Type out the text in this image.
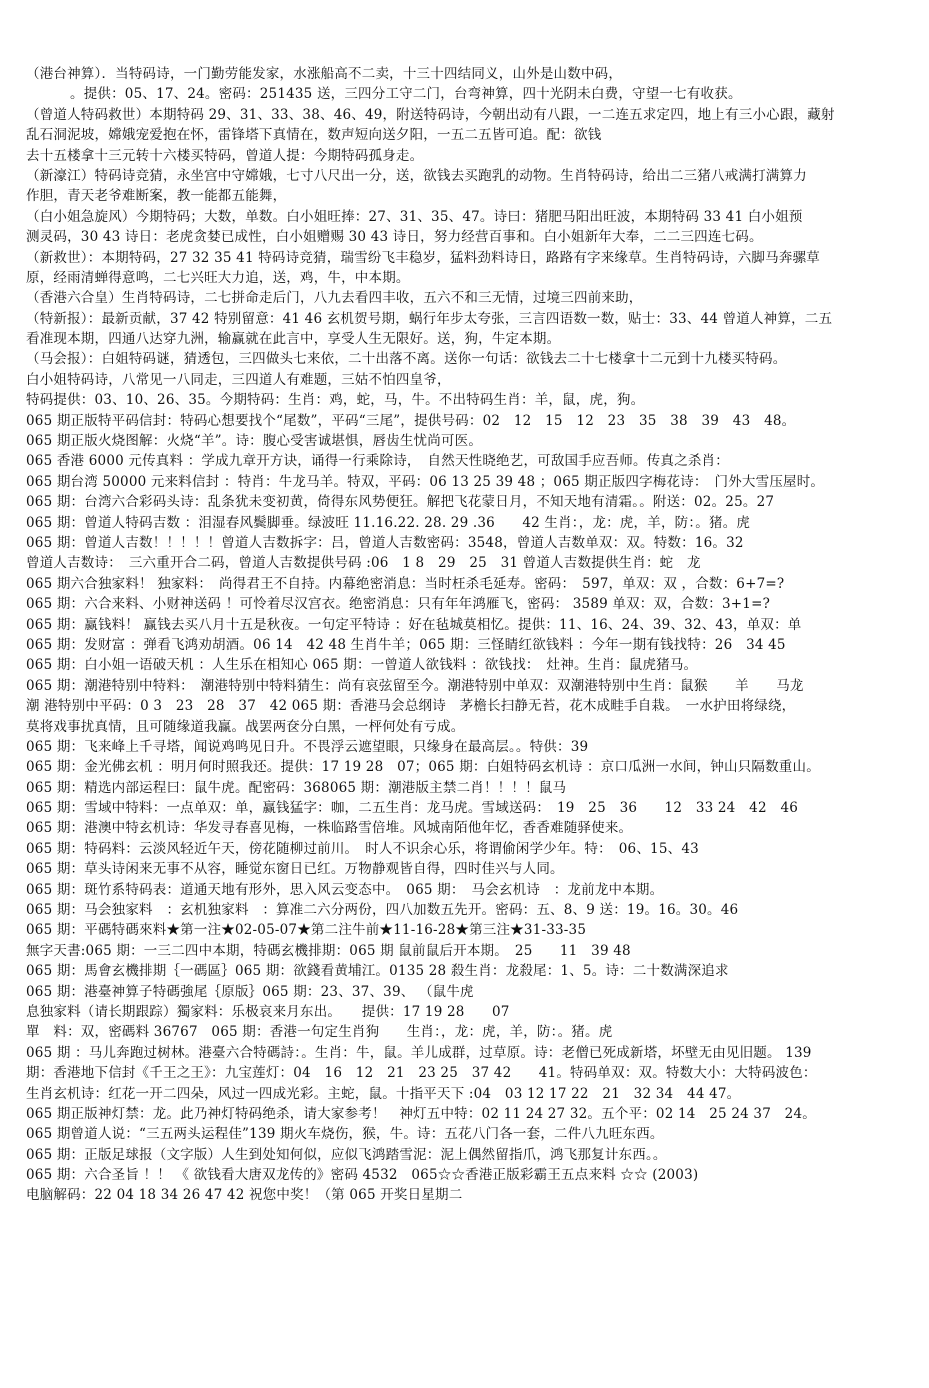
（港台神算）．当特码诗，一门勤劳能发家，水涨船高不二卖，十三十四结同义，山外是山数中码，
。提供：05、17、24。密码：251435 送，三四分工守二门，台弯神算，四十光阴未白费，守望一七有收获。
（曾道人特码救世）本期特码 29、31、33、38、46、49，附送特码诗，今朝出动有八跟，一二连五求定四，地上有三小心跟，藏射
乱石洞泥坡，嫦娥宠爱抱在怀，雷锋塔下真情在，数声短向送夕阳，一五二五皆可追。配：欲钱
去十五楼拿十三元转十六楼买特码，曾道人提：今期特码孤身走。
（新濠江）特码诗竞猜，永坐宫中守嫦娥，七寸八尺出一分，送，欲钱去买跑乳的动物。生肖特码诗，给出二三猪八戒满打满算力
作胆，青天老爷难断案，教一能都五能舞，
（白小姐急旋风）今期特码；大数，单数。白小姐旺捧：27、31、35、47。诗曰：猪肥马阳出旺波，本期特码 33 41 白小姐预
测灵码，30 43 诗日：老虎贪婪已成性，白小姐赠赐 30 43 诗日，努力经营百事和。白小姐新年大奉，二二三四连七码。
（新救世）：本期特码，27 32 35 41 特码诗竞猜，瑞雪纷飞丰稳岁，猛料劲料诗日，路路有字来缘草。生肖特码诗，六脚马奔骡草
原，经雨清蝉得意鸣，二七兴旺大力追，送，鸡，牛，中本期。
（香港六合皇）生肖特码诗，二七拼命走后门，八九去看四丰收，五六不和三无情，过境三四前来助，
（特新报）：最新贡献，37 42 特别留意：41 46 玄机贺号期，蜗行年步太夸张，三言四语数一数，贴士：33、44 曾道人神算，二五
看准现本期，四通八达穿九洲，输赢就在此言中，享受人生无限好。送，狗，牛定本期。
（马会报）：白姐特码谜，猜透包，三四做头七来依，二十出落不离。送你一句话：欲钱去二十七楼拿十二元到十九楼买特码。
白小姐特码诗，八常见一八同走，三四道人有难题，三姑不怕四皇爷，
特码提供：03、10、26、35。今期特码：生肖：鸡，蛇，马，牛。不出特码生肖：羊，鼠，虎，狗。
065 期正版特平码信封：特码心想要找个“尾数”，平码“三尾”，提供号码：02　12　15　12　23　35　38　39　43　48。
065 期正版火烧图解：火烧“羊”。诗：腹心受害诚堪惧，唇齿生忧尚可医。
065 香港 6000 元传真料 ：学成九章开方诀，诵得一行乘除诗，　自然天性晓绝艺，可敌国手应吾师。传真之杀肖：
065 期台湾 50000 元来料信封 ：特肖：牛龙马羊。特双，平码：06 13 25 39 48 ；065 期正版四字梅花诗：　门外大雪压屋时。
065 期：台湾六合彩码头诗：乱条犹未变初黄，倚得东风势便狂。解把飞花蒙日月，不知天地有清霜。。附送：02。25。27
065 期：曾道人特码吉数 ：泪湿春风鬓脚垂。绿波旺 11.16.22. 28. 29 .36　　42 生肖：，龙：虎，羊，防：。猪。虎
065 期：曾道人吉数！！！！！曾道人吉数拆字：吕，曾道人吉数密码：3548，曾道人吉数单双：双。特数：16。32
曾道人吉数诗：　三六重开合二码，曾道人吉数提供号码 :06　1 8　29　25　31 曾道人吉数提供生肖：蛇　龙
065 期六合独家料！ 独家料：　尚得君王不自持。内幕绝密消息：当时枉杀毛延寿。密码：　597，单双：双 ，合数：6+7=?
065 期：六合来料、小财神送码 ！可怜着尽汉宫衣。绝密消息：只有年年鸿雁飞，密码： 3589 单双：双，合数：3+1=?
065 期：赢钱料！ 赢钱去买八月十五是秋夜。一句定平特诗 ：好在毡城莫相忆。提供：11、16、24、39、32、43，单双：单
065 期：发财富 ：弹看飞鸿劝胡酒。06 14　42 48 生肖牛羊；065 期：三怪睛红欲钱料 ：今年一期有钱找特：26　34 45
065 期：白小姐一语破天机 ：人生乐在相知心 065 期：一曾道人欲钱料 ：欲钱找：　灶神。生肖：鼠虎猪马。
065 期：潮港特别中特料：　潮港特别中特料猜生：尚有哀弦留至今。潮港特别中单双：双潮港特别中生肖：鼠猴　　羊　　马龙
潮 港特别中平码：0 3　23　28　37　42 065 期：香港马会总纲诗　茅檐长扫静无苔，花木成畦手自栽。　一水护田将绿绕，
莫将戏事扰真情，且可随缘道我赢。战罢两奁分白黑，一枰何处有亏成。
065 期：飞来峰上千寻塔，闻说鸡鸣见日升。不畏浮云遮望眼，只缘身在最高层。。特供：39
065 期：金光佛玄机 ：明月何时照我还。提供：17 19 28　07；065 期：白姐特码玄机诗 ：京口瓜洲一水间，钟山只隔数重山。
065 期：精选内部运程曰：鼠牛虎。配密码：368065 期：潮港版主禁二肖！！！！鼠马
065 期：雪域中特料：一点单双：单，赢钱猛字：咖，二五生肖：龙马虎。雪域送码：　19　25　36　　12　33 24　42　46
065 期：港澳中特玄机诗：华发寻春喜见梅，一株临路雪倍堆。风城南陌他年忆，香香难随驿使来。
065 期：特码料：云淡风轻近午天，傍花随柳过前川。　时人不识余心乐，将谓偷闲学少年。特：　06、15、43
065 期：草头诗闲来无事不从容，睡觉东窗日已红。万物静观皆自得，四时佳兴与人同。
065 期：斑竹系特码表：道通天地有形外，思入风云变态中。　065 期：　马会玄机诗　：龙前龙中本期。
065 期：马会独家料　：玄机独家料　：算准二六分两份，四八加数五先开。密码：五、8、9 送：19。16。30。46
065 期：平碼特碼來料★第一注★02-05-07★第二注牛前★11-16-28★第三注★31-33-35
無字天書:065 期：一三二四中本期，特碼玄機排期：065 期 鼠前鼠后开本期。　25　　11　39 48
065 期：馬會玄機排期｛一碼區｝065 期：欲錢看黄埔江。0135 28 殺生肖：龙殺尾：1、5。诗：二十数满深追求
065 期：港臺神算子特碼強尾｛原版｝065 期：23、37、39、 （鼠牛虎
息独家料（请长期跟踪）獨家料：乐极哀来月东出。　　提供：17 19 28　　07
單　料：双，密碼料 36767　065 期：香港一句定生肖狗　　生肖：，龙：虎，羊，防：。猪。虎
065 期 ：马儿奔跑过树林。港臺六合特碼詩：。生肖：牛，鼠。羊儿成群，过草原。诗：老僧已死成新塔，坏壁无由见旧题。 139
期：香港地下信封《千王之王》：九宝莲灯：04　16　12　21　23 25　37 42　　41。特码单双：双。特数大小：大特码波色：
生肖玄机诗：红花一开二四朵，风过一四成光彩。主蛇，鼠。十指平天下 :04　03 12 17 22　21　32 34　44 47。
065 期正版神灯禁：龙。此乃神灯特码绝杀，请大家参考！　神灯五中特：02 11 24 27 32。五个平：02 14　25 24 37　24。
065 期曾道人说：“三五两头运程佳”139 期火车烧伤，猴，牛。诗：五花八门各一套，二件八九旺东西。
065 期：正版足球报（文字版）人生到处知何似，应似飞鸿踏雪泥：泥上偶然留指爪，鸿飞那复计东西。。
065 期：六合圣旨 ！！ 《 欲钱看大唐双龙传的》密码 4532　065☆☆香港正版彩霸王五点来料 ☆☆ (2003)
电脑解码：22 04 18 34 26 47 42 祝您中奖！（第 065 开奖日星期二
